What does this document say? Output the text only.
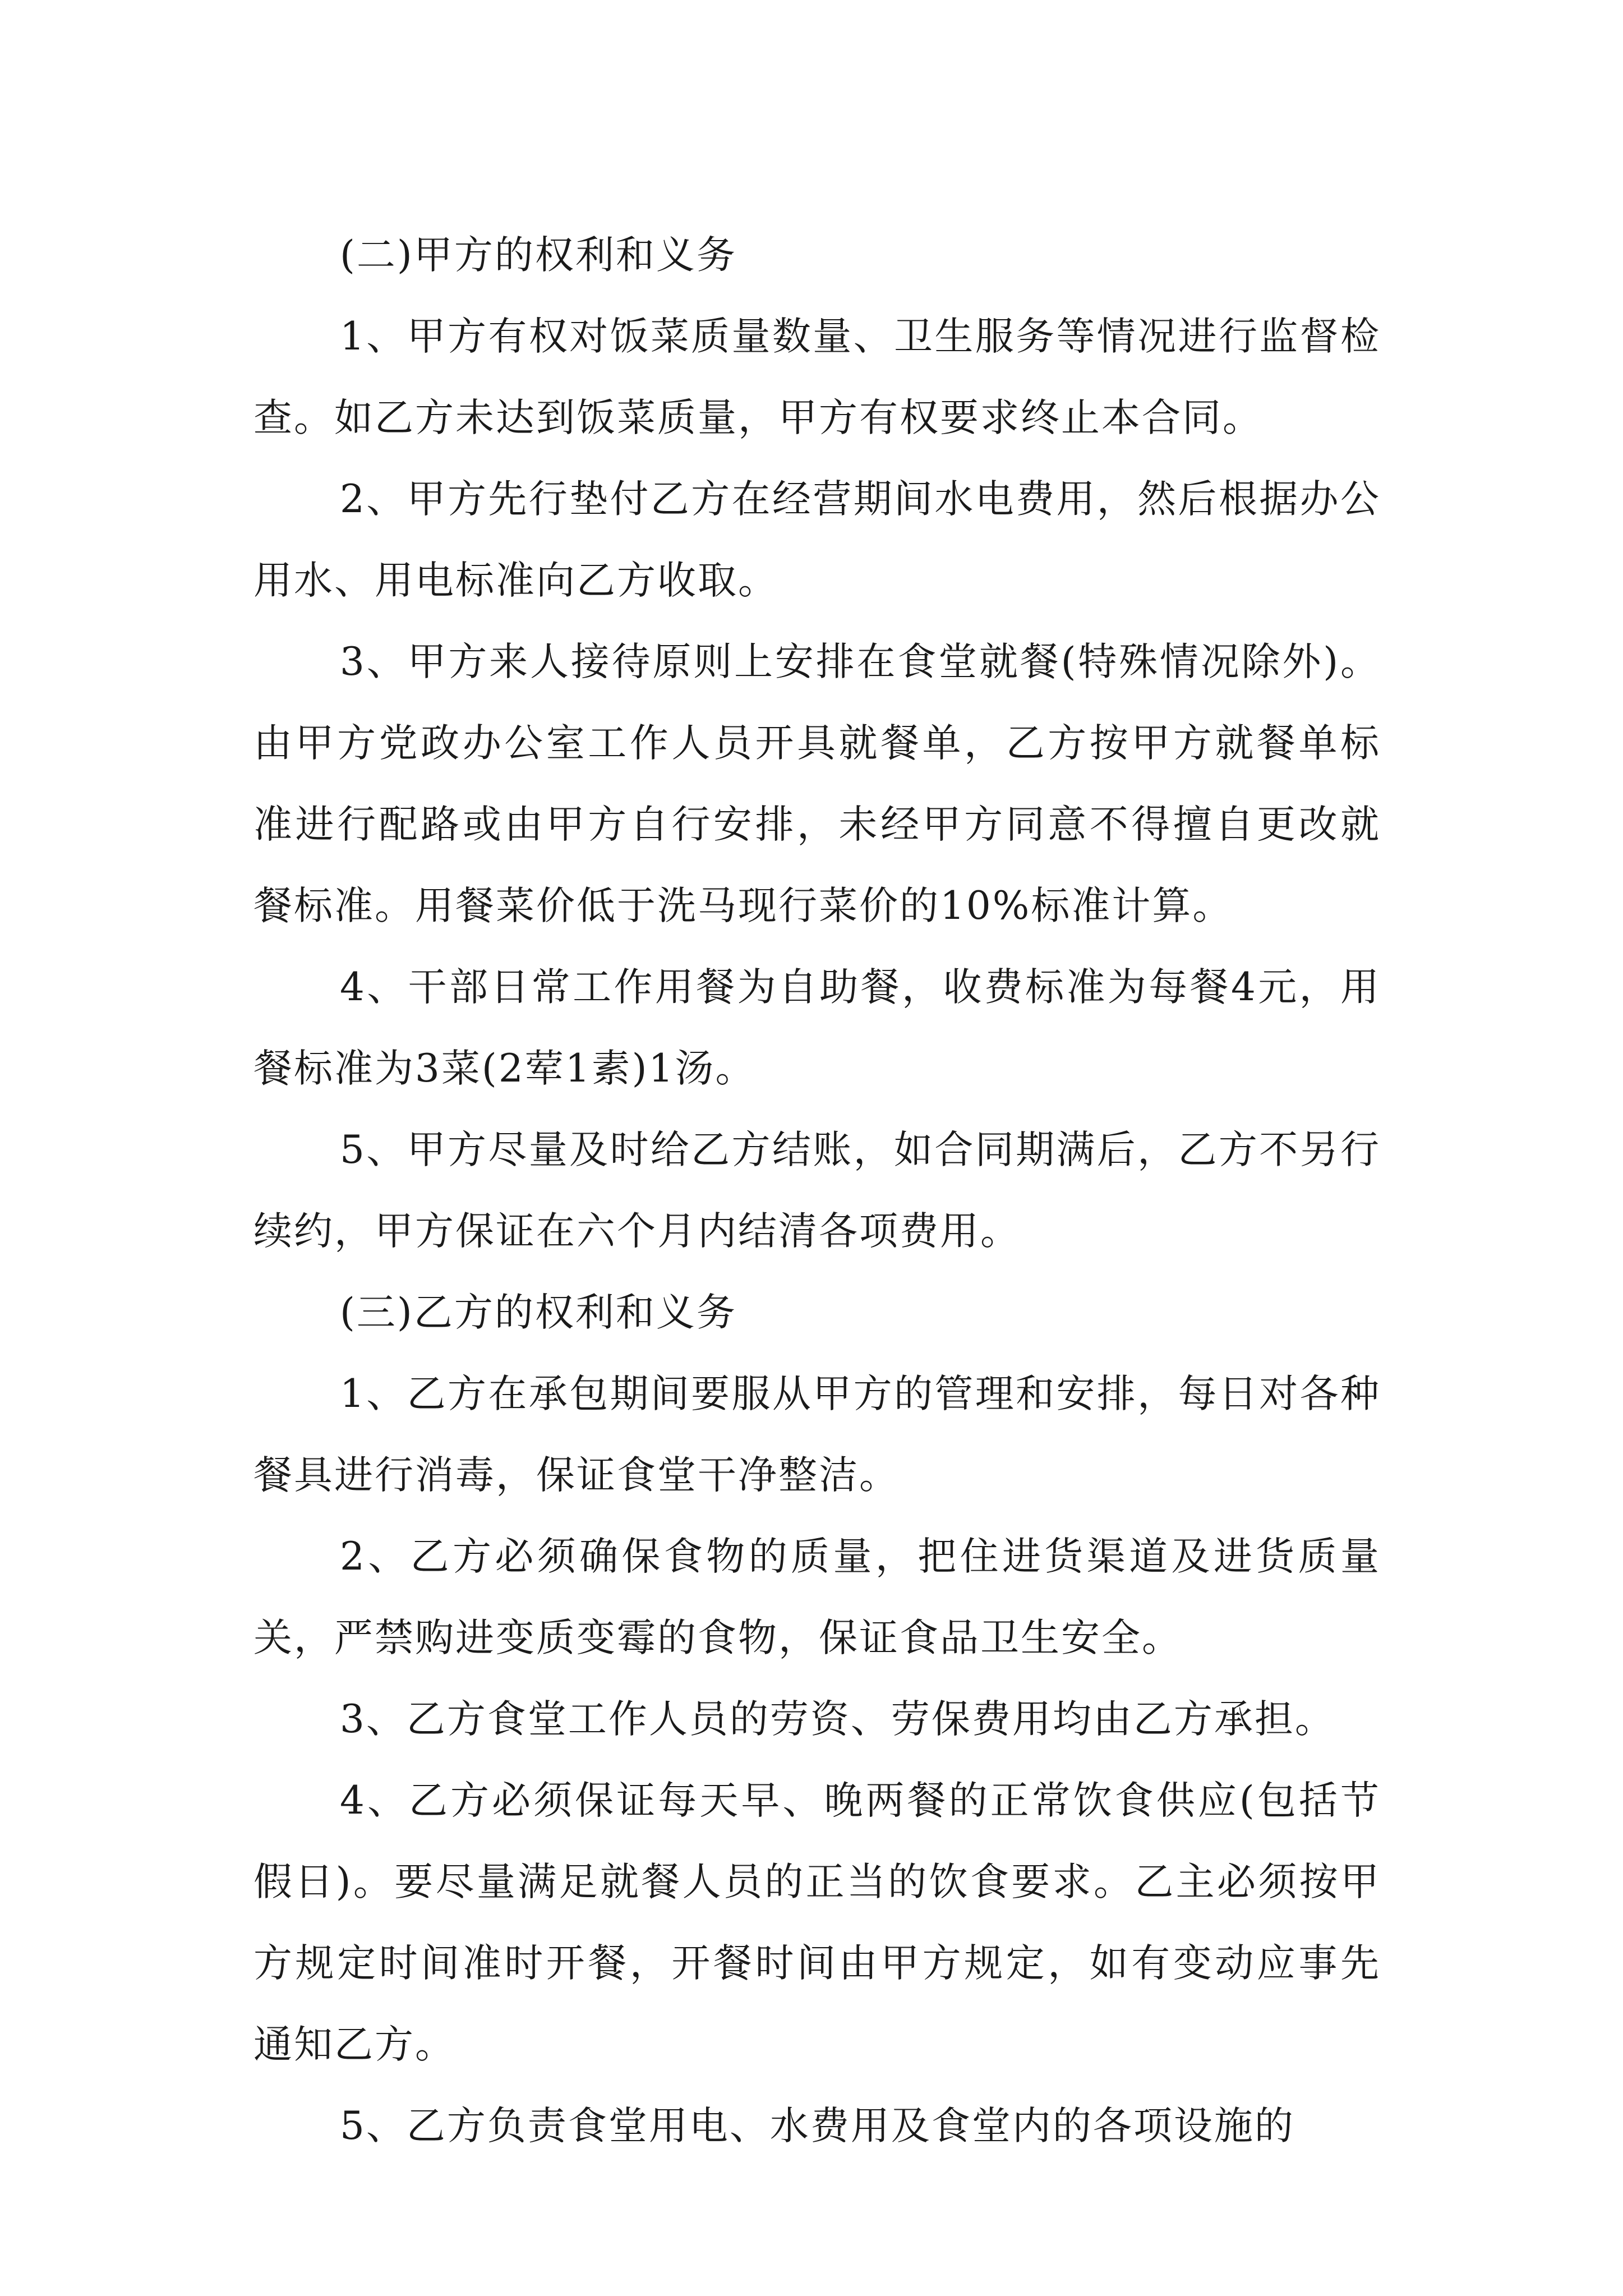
(二)甲方的权利和义务

1、甲方有权对饭菜质量数量、卫生服务等情况进行监督检查。如乙方未达到饭菜质量，甲方有权要求终止本合同。

2、甲方先行垫付乙方在经营期间水电费用，然后根据办公用水、用电标准向乙方收取。

3、甲方来人接待原则上安排在食堂就餐(特殊情况除外)。由甲方党政办公室工作人员开具就餐单，乙方按甲方就餐单标准进行配路或由甲方自行安排，未经甲方同意不得擅自更改就餐标准。用餐菜价低于洗马现行菜价的10%标准计算。

4、干部日常工作用餐为自助餐，收费标准为每餐4元，用餐标准为3菜(2荤1素)1汤。

5、甲方尽量及时给乙方结账，如合同期满后，乙方不另行续约，甲方保证在六个月内结清各项费用。

(三)乙方的权利和义务

1、乙方在承包期间要服从甲方的管理和安排，每日对各种餐具进行消毒，保证食堂干净整洁。

2、乙方必须确保食物的质量，把住进货渠道及进货质量关，严禁购进变质变霉的食物，保证食品卫生安全。

3、乙方食堂工作人员的劳资、劳保费用均由乙方承担。

4、乙方必须保证每天早、晚两餐的正常饮食供应(包括节假日)。要尽量满足就餐人员的正当的饮食要求。乙主必须按甲方规定时间准时开餐，开餐时间由甲方规定，如有变动应事先通知乙方。

5、乙方负责食堂用电、水费用及食堂内的各项设施的
